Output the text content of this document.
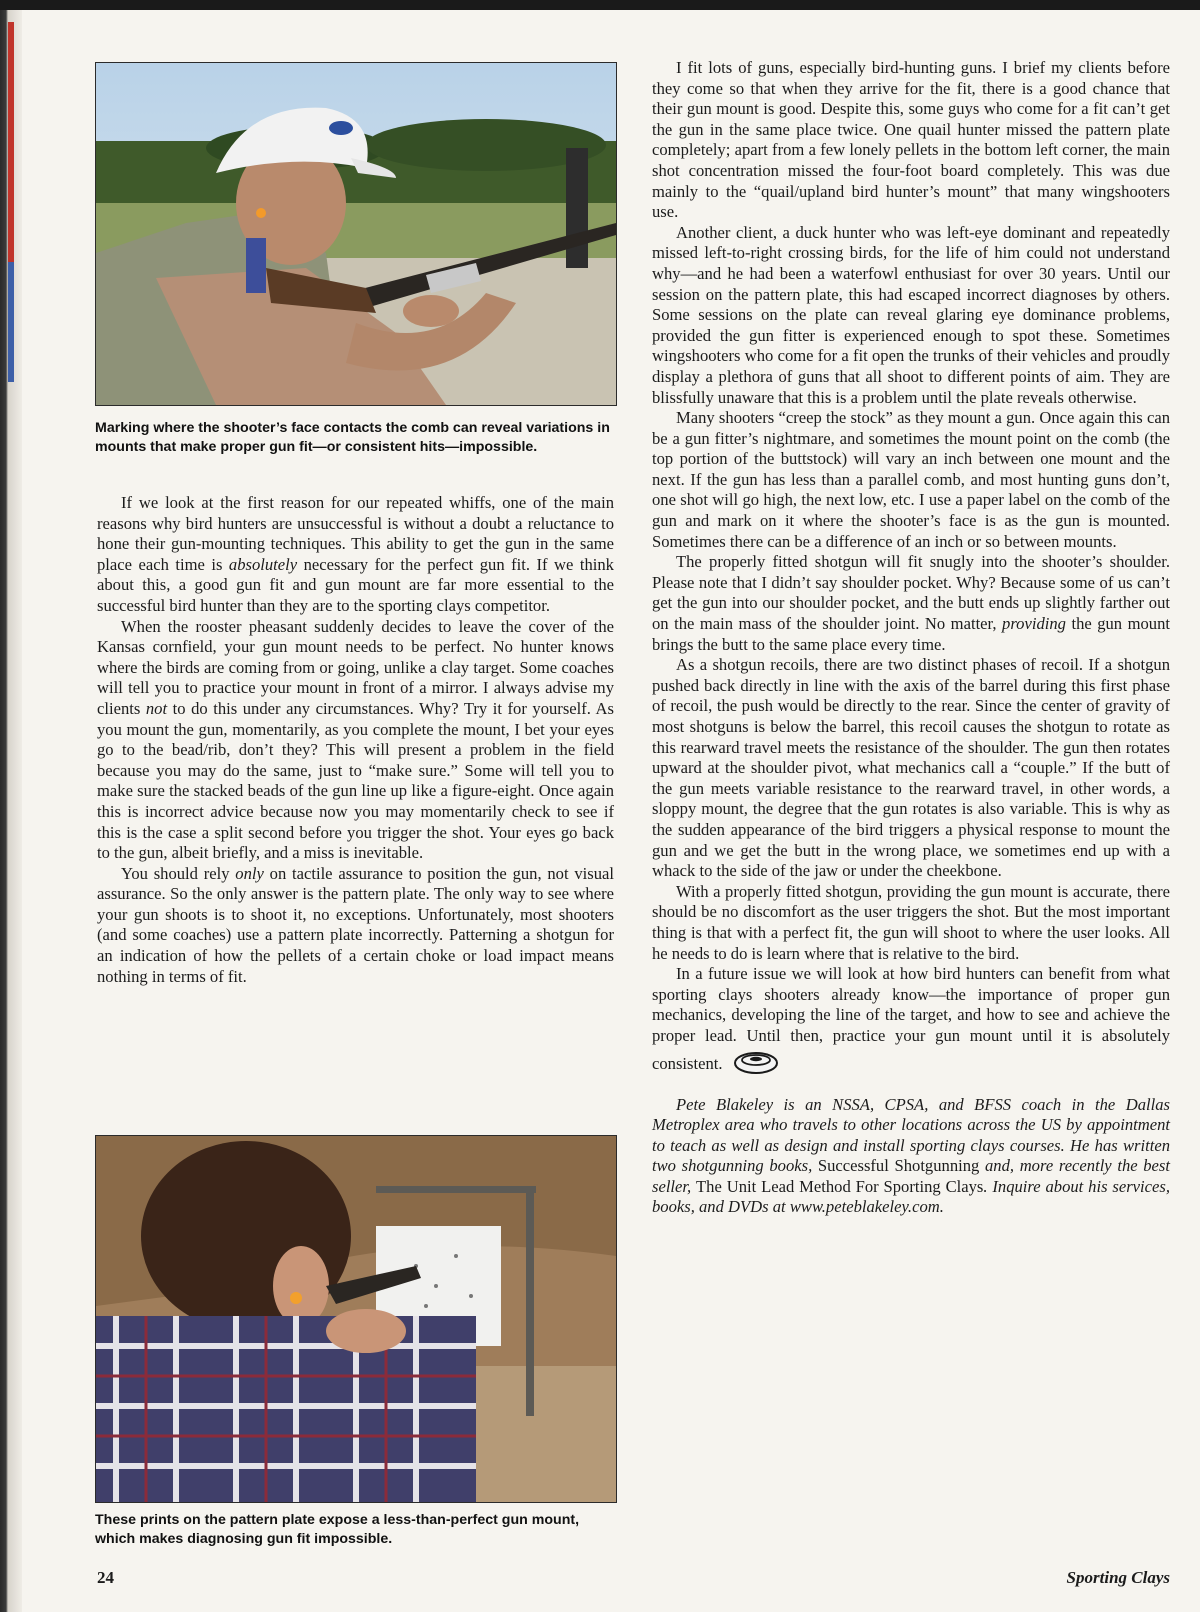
Marking where the shooter’s face contacts the comb can reveal variations in mounts that make proper gun fit—or consistent hits—impossible.

If we look at the first reason for our repeated whiffs, one of the main reasons why bird hunters are unsuccessful is without a doubt a reluctance to hone their gun-mounting techniques. This ability to get the gun in the same place each time is absolutely necessary for the perfect gun fit. If we think about this, a good gun fit and gun mount are far more essential to the successful bird hunter than they are to the sporting clays competitor.

When the rooster pheasant suddenly decides to leave the cover of the Kansas cornfield, your gun mount needs to be perfect. No hunter knows where the birds are coming from or going, unlike a clay target. Some coaches will tell you to practice your mount in front of a mirror. I always advise my clients not to do this under any circumstances. Why? Try it for yourself. As you mount the gun, momentarily, as you complete the mount, I bet your eyes go to the bead/rib, don’t they? This will present a problem in the field because you may do the same, just to “make sure.” Some will tell you to make sure the stacked beads of the gun line up like a figure-eight. Once again this is incorrect advice because now you may momentarily check to see if this is the case a split second before you trigger the shot. Your eyes go back to the gun, albeit briefly, and a miss is inevitable.

You should rely only on tactile assurance to position the gun, not visual assurance. So the only answer is the pattern plate. The only way to see where your gun shoots is to shoot it, no exceptions. Unfortunately, most shooters (and some coaches) use a pattern plate incorrectly. Patterning a shotgun for an indication of how the pellets of a certain choke or load impact means nothing in terms of fit.

These prints on the pattern plate expose a less-than-perfect gun mount, which makes diagnosing gun fit impossible.

I fit lots of guns, especially bird-hunting guns. I brief my clients before they come so that when they arrive for the fit, there is a good chance that their gun mount is good. Despite this, some guys who come for a fit can’t get the gun in the same place twice. One quail hunter missed the pattern plate completely; apart from a few lonely pellets in the bottom left corner, the main shot concentration missed the four-foot board completely. This was due mainly to the “quail/upland bird hunter’s mount” that many wingshooters use.

Another client, a duck hunter who was left-eye dominant and repeatedly missed left-to-right crossing birds, for the life of him could not understand why—and he had been a waterfowl enthusiast for over 30 years. Until our session on the pattern plate, this had escaped incorrect diagnoses by others. Some sessions on the plate can reveal glaring eye dominance problems, provided the gun fitter is experienced enough to spot these. Sometimes wingshooters who come for a fit open the trunks of their vehicles and proudly display a plethora of guns that all shoot to different points of aim. They are blissfully unaware that this is a problem until the plate reveals otherwise.

Many shooters “creep the stock” as they mount a gun. Once again this can be a gun fitter’s nightmare, and sometimes the mount point on the comb (the top portion of the buttstock) will vary an inch between one mount and the next. If the gun has less than a parallel comb, and most hunting guns don’t, one shot will go high, the next low, etc. I use a paper label on the comb of the gun and mark on it where the shooter’s face is as the gun is mounted. Sometimes there can be a difference of an inch or so between mounts.

The properly fitted shotgun will fit snugly into the shooter’s shoulder. Please note that I didn’t say shoulder pocket. Why? Because some of us can’t get the gun into our shoulder pocket, and the butt ends up slightly farther out on the main mass of the shoulder joint. No matter, providing the gun mount brings the butt to the same place every time.

As a shotgun recoils, there are two distinct phases of recoil. If a shotgun pushed back directly in line with the axis of the barrel during this first phase of recoil, the push would be directly to the rear. Since the center of gravity of most shotguns is below the barrel, this recoil causes the shotgun to rotate as this rearward travel meets the resistance of the shoulder. The gun then rotates upward at the shoulder pivot, what mechanics call a “couple.” If the butt of the gun meets variable resistance to the rearward travel, in other words, a sloppy mount, the degree that the gun rotates is also variable. This is why as the sudden appearance of the bird triggers a physical response to mount the gun and we get the butt in the wrong place, we sometimes end up with a whack to the side of the jaw or under the cheekbone.

With a properly fitted shotgun, providing the gun mount is accurate, there should be no discomfort as the user triggers the shot. But the most important thing is that with a perfect fit, the gun will shoot to where the user looks. All he needs to do is learn where that is relative to the bird.

In a future issue we will look at how bird hunters can benefit from what sporting clays shooters already know—the importance of proper gun mechanics, developing the line of the target, and how to see and achieve the proper lead. Until then, practice your gun mount until it is absolutely consistent.

Pete Blakeley is an NSSA, CPSA, and BFSS coach in the Dallas Metroplex area who travels to other locations across the US by appointment to teach as well as design and install sporting clays courses. He has written two shotgunning books, Successful Shotgunning and, more recently the best seller, The Unit Lead Method For Sporting Clays. Inquire about his services, books, and DVDs at www.peteblakeley.com.

24	Sporting Clays
